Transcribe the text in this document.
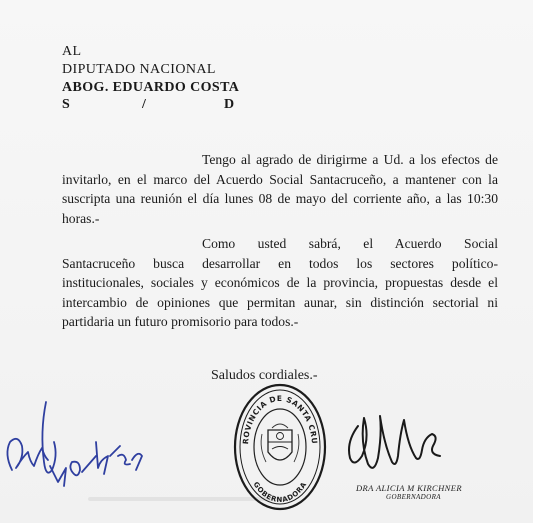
AL
DIPUTADO NACIONAL
ABOG. EDUARDO COSTA
S	/	D
Tengo al agrado de dirigirme a Ud. a los efectos de
invitarlo, en el marco del Acuerdo Social Santacruceño, a mantener con la
suscripta una reunión el día lunes 08 de mayo del corriente año, a las 10:30
horas.-
Como usted sabrá, el Acuerdo Social
Santacruceño busca desarrollar en todos los sectores político-
institucionales, sociales y económicos de la provincia, propuestas desde el
intercambio de opiniones que permitan aunar, sin distinción sectorial ni
partidaria un futuro promisorio para todos.-
Saludos cordiales.-
ROVINCIA DE SANTA CRU
GOBERNADORA	DRA ALICIA M KIRCHNER
GOBERNADORA
